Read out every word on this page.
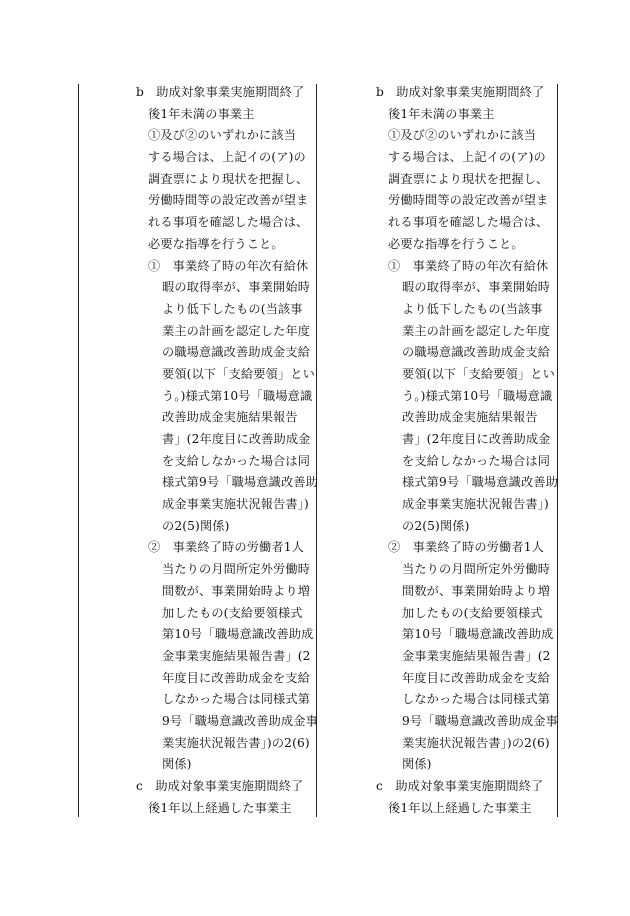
b　助成対象事業実施期間終了
後1年未満の事業主
①及び②のいずれかに該当
する場合は、上記イの(ア)の
調査票により現状を把握し、
労働時間等の設定改善が望ま
れる事項を確認した場合は、
必要な指導を行うこと。
①　事業終了時の年次有給休
暇の取得率が、事業開始時
より低下したもの(当該事
業主の計画を認定した年度
の職場意識改善助成金支給
要領(以下「支給要領」とい
う。)様式第10号「職場意識
改善助成金実施結果報告
書」(2年度目に改善助成金
を支給しなかった場合は同
様式第9号「職場意識改善助
成金事業実施状況報告書」)
の2(5)関係)
②　事業終了時の労働者1人
当たりの月間所定外労働時
間数が、事業開始時より増
加したもの(支給要領様式
第10号「職場意識改善助成
金事業実施結果報告書」(2
年度目に改善助成金を支給
しなかった場合は同様式第
9号「職場意識改善助成金事
業実施状況報告書」)の2(6)
関係)
c　助成対象事業実施期間終了
後1年以上経過した事業主
b　助成対象事業実施期間終了
後1年未満の事業主
①及び②のいずれかに該当
する場合は、上記イの(ア)の
調査票により現状を把握し、
労働時間等の設定改善が望ま
れる事項を確認した場合は、
必要な指導を行うこと。
①　事業終了時の年次有給休
暇の取得率が、事業開始時
より低下したもの(当該事
業主の計画を認定した年度
の職場意識改善助成金支給
要領(以下「支給要領」とい
う。)様式第10号「職場意識
改善助成金実施結果報告
書」(2年度目に改善助成金
を支給しなかった場合は同
様式第9号「職場意識改善助
成金事業実施状況報告書」)
の2(5)関係)
②　事業終了時の労働者1人
当たりの月間所定外労働時
間数が、事業開始時より増
加したもの(支給要領様式
第10号「職場意識改善助成
金事業実施結果報告書」(2
年度目に改善助成金を支給
しなかった場合は同様式第
9号「職場意識改善助成金事
業実施状況報告書」)の2(6)
関係)
c　助成対象事業実施期間終了
後1年以上経過した事業主
